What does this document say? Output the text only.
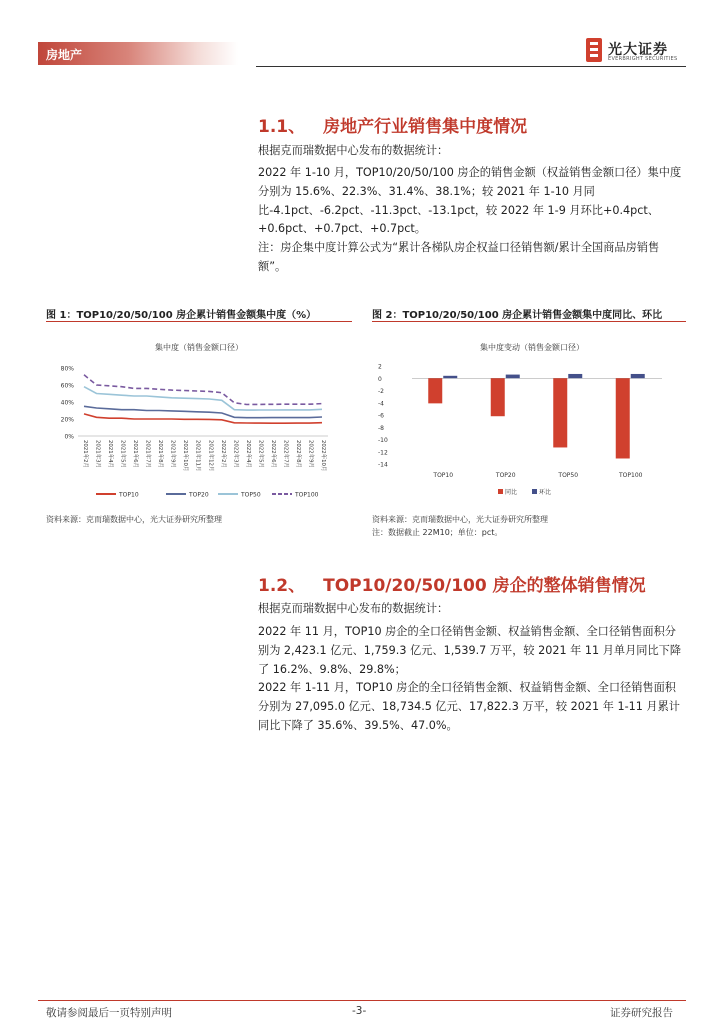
房地产	光大证券
EVERBRIGHT SECURITIES
1.1、 房地产行业销售集中度情况
根据克而瑞数据中心发布的数据统计：
2022 年 1-10 月，TOP10/20/50/100 房企的销售金额（权益销售金额口径）集中度分别为 15.6%、22.3%、31.4%、38.1%；较 2021 年 1-10 月同比-4.1pct、-6.2pct、-11.3pct、-13.1pct，较 2022 年 1-9 月环比+0.4pct、+0.6pct、+0.7pct、+0.7pct。
注：房企集中度计算公式为“累计各梯队房企权益口径销售额/累计全国商品房销售额”。
图 1：TOP10/20/50/100 房企累计销售金额集中度（%）
集中度（销售金额口径）
0%
20%
40%
60%
80%
2021年2月	2021年3月	2021年4月	2021年5月	2021年6月	2021年7月	2021年8月	2021年9月	2021年10月	2021年11月	2021年12月	2022年2月	2022年3月	2022年4月	2022年5月	2022年6月	2022年7月	2022年8月	2022年9月	2022年10月
TOP10	TOP20	TOP50	TOP100
资料来源：克而瑞数据中心，光大证券研究所整理
图 2：TOP10/20/50/100 房企累计销售金额集中度同比、环比
集中度变动（销售金额口径）
2
0
-2
-4
-6
-8
-10
-12
-14
TOP10	TOP20	TOP50	TOP100
同比	环比
资料来源：克而瑞数据中心，光大证券研究所整理
注：数据截止 22M10；单位：pct。
1.2、 TOP10/20/50/100 房企的整体销售情况
根据克而瑞数据中心发布的数据统计：
2022 年 11 月，TOP10 房企的全口径销售金额、权益销售金额、全口径销售面积分别为 2,423.1 亿元、1,759.3 亿元、1,539.7 万平，较 2021 年 11 月单月同比下降了 16.2%、9.8%、29.8%；
2022 年 1-11 月，TOP10 房企的全口径销售金额、权益销售金额、全口径销售面积分别为 27,095.0 亿元、18,734.5 亿元、17,822.3 万平，较 2021 年 1-11 月累计同比下降了 35.6%、39.5%、47.0%。
敬请参阅最后一页特别声明	-3-	证券研究报告
